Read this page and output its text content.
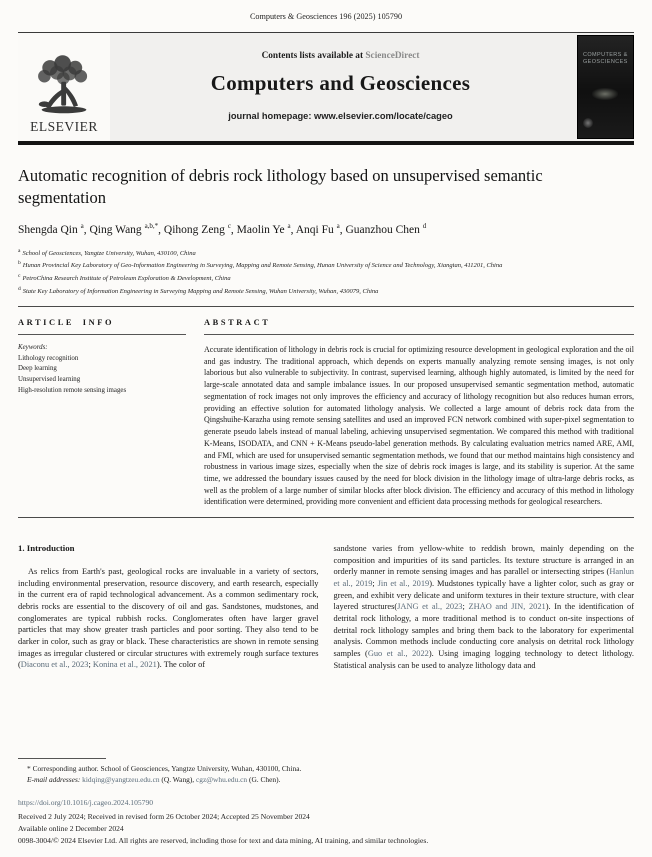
Computers & Geosciences 196 (2025) 105790
ELSEVIER
Contents lists available at ScienceDirect
Computers and Geosciences
journal homepage: www.elsevier.com/locate/cageo
COMPUTERS & GEOSCIENCES
Automatic recognition of debris rock lithology based on unsupervised semantic segmentation
Shengda Qin $^a$ , Qing Wang $^{a,b,*}$ , Qihong Zeng $^c$ , Maolin Ye $^a$ , Anqi Fu $^a$ , Guanzhou Chen $^d$
$^a$ School of Geosciences, Yangtze University, Wuhan, 430100, China
$^b$ Hunan Provincial Key Laboratory of Geo-Information Engineering in Surveying, Mapping and Remote Sensing, Hunan University of Science and Technology, Xiangtan, 411201, China
$^c$ PetroChina Research Institute of Petroleum Exploration & Development, China
$^d$ State Key Laboratory of Information Engineering in Surveying Mapping and Remote Sensing, Wuhan University, Wuhan, 430079, China
ARTICLE INFO
Keywords:
Lithology recognition
Deep learning
Unsupervised learning
High-resolution remote sensing images
ABSTRACT

Accurate identification of lithology in debris rock is crucial for optimizing resource development in geological exploration and the oil and gas industry. The traditional approach, which depends on experts manually analyzing remote sensing images, is not only laborious but also vulnerable to subjectivity. In contrast, supervised learning, although highly automated, is limited by the need for large-scale annotated data and sample imbalance issues. In our proposed unsupervised semantic segmentation method, automatic segmentation of rock images not only improves the efficiency and accuracy of lithology recognition but also reduces human errors, providing an effective solution for automated lithology analysis. We collected a large amount of debris rock data from the Qingshuihe-Karazha using remote sensing satellites and used an improved FCN network combined with super-pixel segmentation to generate pseudo labels instead of manual labeling, achieving unsupervised segmentation. We compared this method with traditional K-Means, ISODATA, and CNN + K-Means pseudo-label generation methods. By calculating evaluation metrics named ARE, AMI, and FMI, which are used for unsupervised semantic segmentation methods, we found that our method maintains high consistency and robustness in various image sizes, especially when the size of debris rock images is large, and its stability is superior. At the same time, we addressed the boundary issues caused by the need for block division in the lithology image of ultra-large debris rocks, as well as the problem of a large number of similar blocks after block division. The efficiency and accuracy of this method in lithology identification were determined, providing more convenient and efficient data processing methods for geological researchers.

1. Introduction

As relics from Earth's past, geological rocks are invaluable in a variety of sectors, including environmental preservation, resource discovery, and earth research, especially in the current era of rapid technological advancement. As a common sedimentary rock, debris rocks are essential to the discovery of oil and gas. Sandstones, mudstones, and conglomerates are typical rubbish rocks. Conglomerates often have larger gravel particles that may show greater trash particles and poor sorting. They also tend to be darker in color, such as gray or black. These characteristics are shown in remote sensing images as irregular clustered or circular structures with extremely rough surface textures (Diaconu et al., 2023; Konina et al., 2021). The color of

sandstone varies from yellow-white to reddish brown, mainly depending on the composition and impurities of its sand particles. Its texture structure is arranged in an orderly manner in remote sensing images and has parallel or intersecting stripes (Hanlun et al., 2019; Jin et al., 2019). Mudstones typically have a lighter color, such as gray or green, and exhibit very delicate and uniform textures in their texture structure, with clear layered structures(JANG et al., 2023; ZHAO and JIN, 2021). In the identification of detrital rock lithology, a more traditional method is to conduct on-site inspections of detrital rock lithology samples and bring them back to the laboratory for experimental analysis. Common methods include conducting core analysis on detrital rock lithology samples (Guo et al., 2022). Using imaging logging technology to detect lithology. Statistical analysis can be used to analyze lithology data and

* Corresponding author. School of Geosciences, Yangtze University, Wuhan, 430100, China.
E-mail addresses: kidqing@yangtzeu.edu.cn (Q. Wang), cgz@whu.edu.cn (G. Chen).
https://doi.org/10.1016/j.cageo.2024.105790
Received 2 July 2024; Received in revised form 26 October 2024; Accepted 25 November 2024
Available online 2 December 2024
0098-3004/© 2024 Elsevier Ltd. All rights are reserved, including those for text and data mining, AI training, and similar technologies.
